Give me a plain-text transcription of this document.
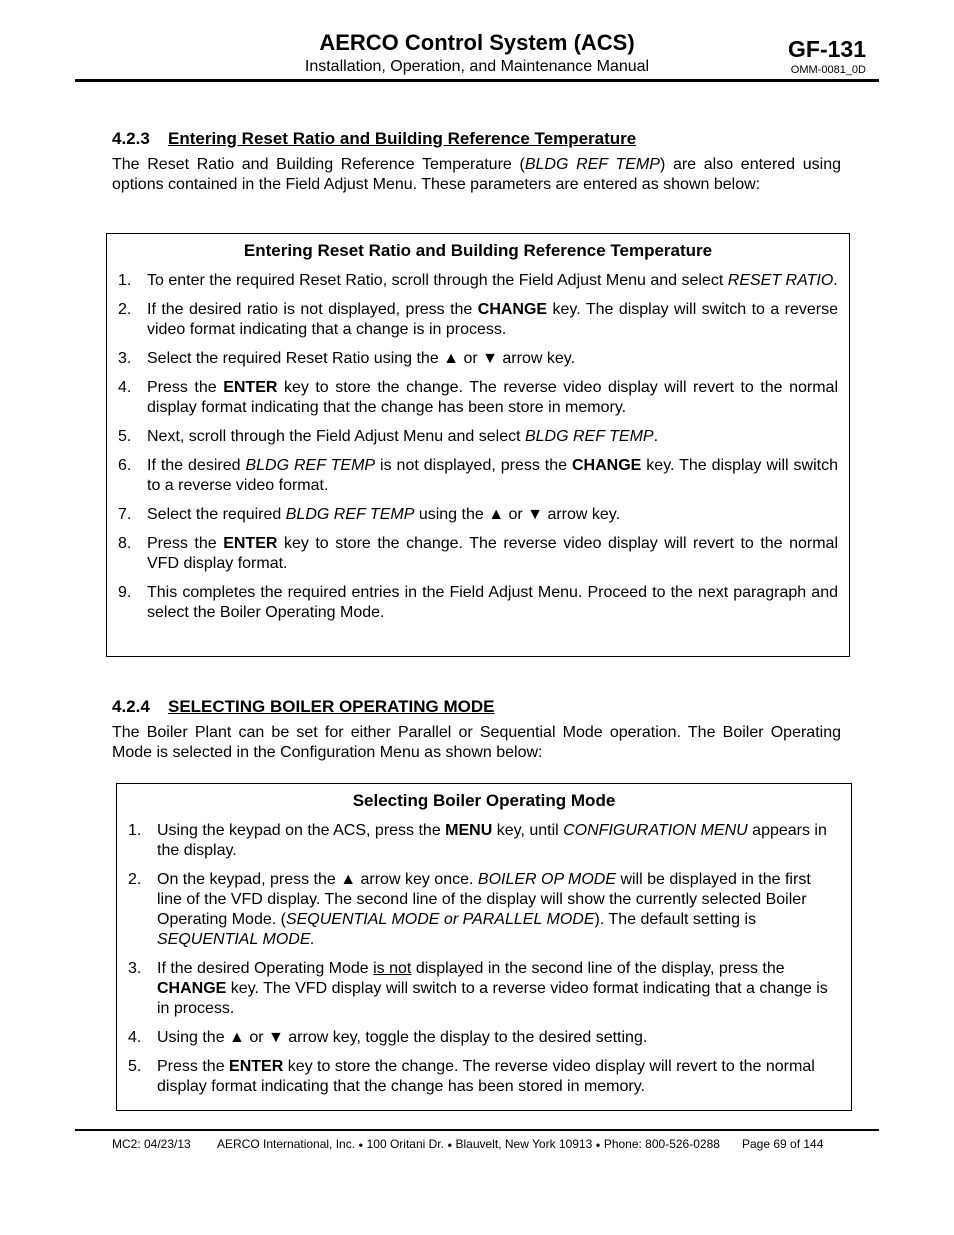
AERCO Control System (ACS)
Installation, Operation, and Maintenance Manual
GF-131
OMM-0081_0D
4.2.3 Entering Reset Ratio and Building Reference Temperature
The Reset Ratio and Building Reference Temperature (BLDG REF TEMP) are also entered using options contained in the Field Adjust Menu. These parameters are entered as shown below:
Entering Reset Ratio and Building Reference Temperature
1. To enter the required Reset Ratio, scroll through the Field Adjust Menu and select RESET RATIO.
2. If the desired ratio is not displayed, press the CHANGE key. The display will switch to a reverse video format indicating that a change is in process.
3. Select the required Reset Ratio using the ▲ or ▼ arrow key.
4. Press the ENTER key to store the change. The reverse video display will revert to the normal display format indicating that the change has been store in memory.
5. Next, scroll through the Field Adjust Menu and select BLDG REF TEMP.
6. If the desired BLDG REF TEMP is not displayed, press the CHANGE key. The display will switch to a reverse video format.
7. Select the required BLDG REF TEMP using the ▲ or ▼ arrow key.
8. Press the ENTER key to store the change. The reverse video display will revert to the normal VFD display format.
9. This completes the required entries in the Field Adjust Menu. Proceed to the next paragraph and select the Boiler Operating Mode.
4.2.4 SELECTING BOILER OPERATING MODE
The Boiler Plant can be set for either Parallel or Sequential Mode operation. The Boiler Operating Mode is selected in the Configuration Menu as shown below:
Selecting Boiler Operating Mode
1. Using the keypad on the ACS, press the MENU key, until CONFIGURATION MENU appears in the display.
2. On the keypad, press the ▲ arrow key once. BOILER OP MODE will be displayed in the first line of the VFD display. The second line of the display will show the currently selected Boiler Operating Mode. (SEQUENTIAL MODE or PARALLEL MODE). The default setting is SEQUENTIAL MODE.
3. If the desired Operating Mode is not displayed in the second line of the display, press the CHANGE key. The VFD display will switch to a reverse video format indicating that a change is in process.
4. Using the ▲ or ▼ arrow key, toggle the display to the desired setting.
5. Press the ENTER key to store the change. The reverse video display will revert to the normal display format indicating that the change has been stored in memory.
MC2: 04/23/13 AERCO International, Inc. ● 100 Oritani Dr. ● Blauvelt, New York 10913 ● Phone: 800-526-0288 Page 69 of 144
